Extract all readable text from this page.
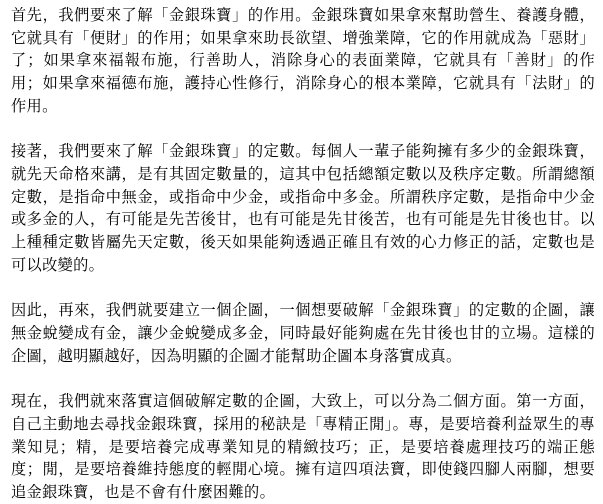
首先，我們要來了解「金銀珠寶」的作用。金銀珠寶如果拿來幫助營生、養護身體，它就具有「便財」的作用；如果拿來助長欲望、增強業障，它的作用就成為「惡財」了；如果拿來福報布施，行善助人，消除身心的表面業障，它就具有「善財」的作用；如果拿來福德布施，護持心性修行，消除身心的根本業障，它就具有「法財」的作用。

接著，我們要來了解「金銀珠寶」的定數。每個人一輩子能夠擁有多少的金銀珠寶，就先天命格來講，是有其固定數量的，這其中包括總額定數以及秩序定數。所謂總額定數，是指命中無金，或指命中少金，或指命中多金。所謂秩序定數，是指命中少金或多金的人，有可能是先苦後甘，也有可能是先甘後苦，也有可能是先甘後也甘。以上種種定數皆屬先天定數，後天如果能夠透過正確且有效的心力修正的話，定數也是可以改變的。

因此，再來，我們就要建立一個企圖，一個想要破解「金銀珠寶」的定數的企圖，讓無金蛻變成有金，讓少金蛻變成多金，同時最好能夠處在先甘後也甘的立場。這樣的企圖，越明顯越好，因為明顯的企圖才能幫助企圖本身落實成真。

現在，我們就來落實這個破解定數的企圖，大致上，可以分為二個方面。第一方面，自己主動地去尋找金銀珠寶，採用的秘訣是「專精正閒」。專，是要培養利益眾生的專業知見；精，是要培養完成專業知見的精緻技巧；正，是要培養處理技巧的端正態度；閒，是要培養維持態度的輕閒心境。擁有這四項法寶，即使錢四腳人兩腳，想要追金銀珠寶，也是不會有什麼困難的。
